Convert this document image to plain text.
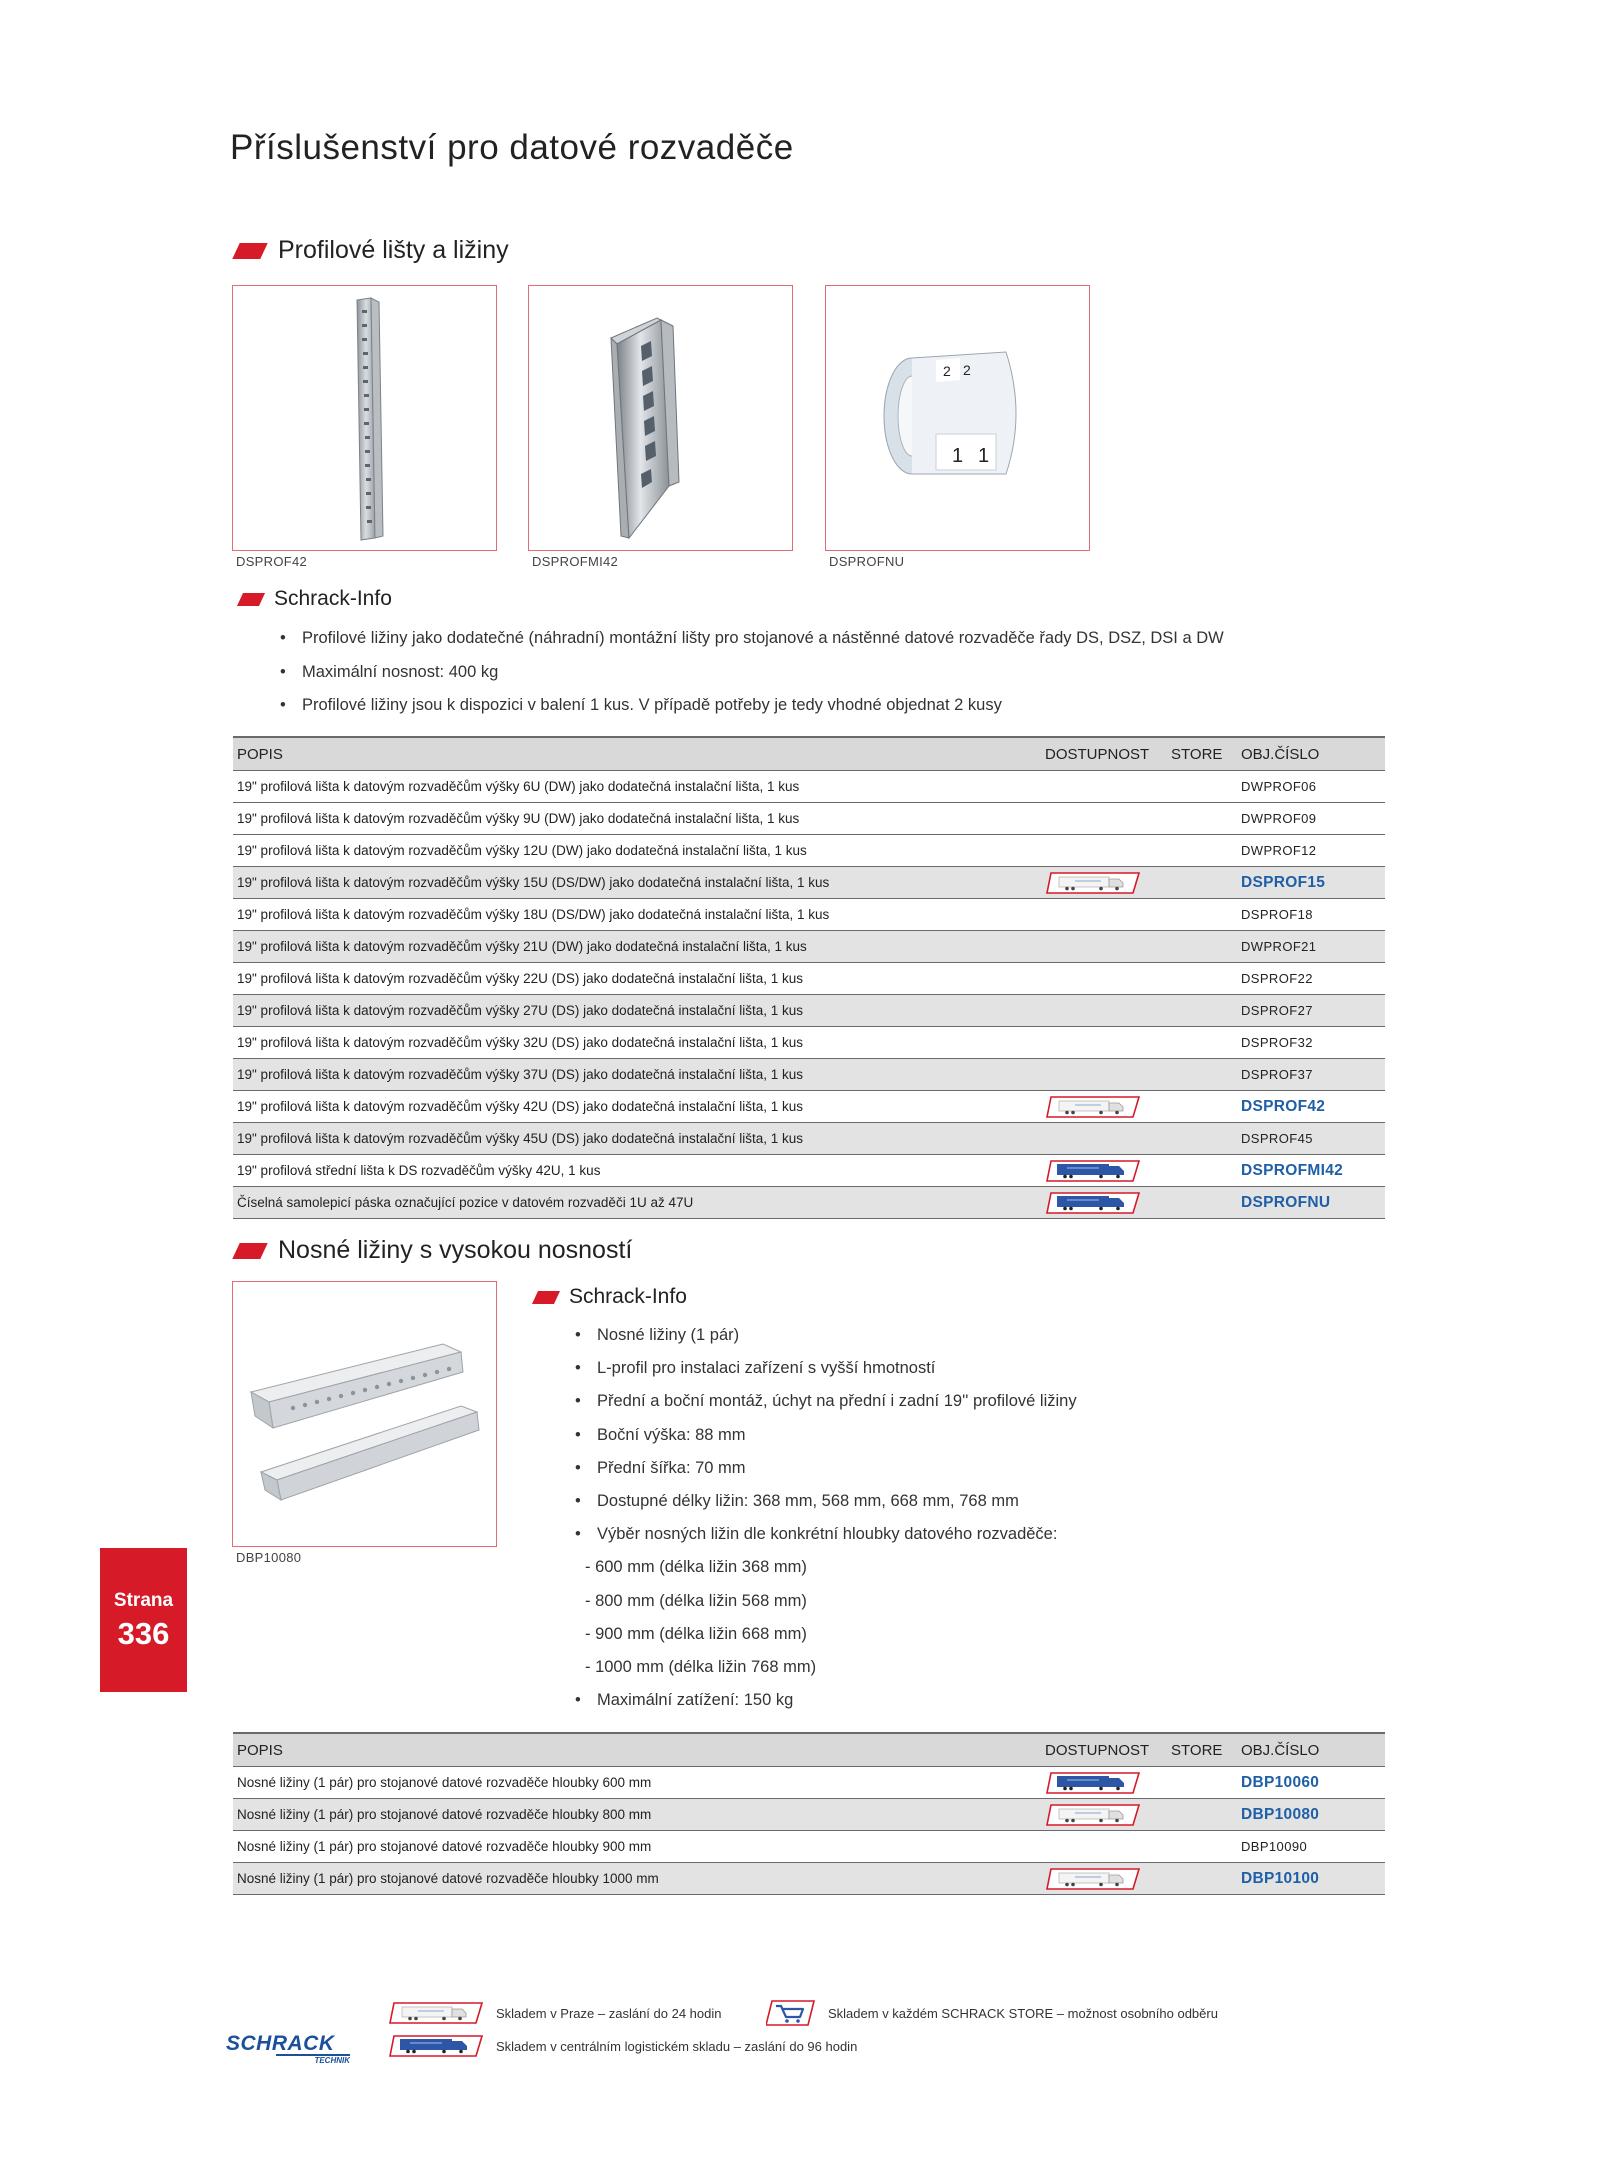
Příslušenství pro datové rozvaděče
Profilové lišty a ližiny
DSPROF42	DSPROFMI42
2 2
1 1
DSPROFNU
Schrack-Info
• Profilové ližiny jako dodatečné (náhradní) montážní lišty pro stojanové a nástěnné datové rozvaděče řady DS, DSZ, DSI a DW
• Maximální nosnost: 400 kg
• Profilové ližiny jsou k dispozici v balení 1 kus. V případě potřeby je tedy vhodné objednat 2 kusy
POPIS	DOSTUPNOST	STORE	OBJ.ČÍSLO
19" profilová lišta k datovým rozvaděčům výšky 6U (DW) jako dodatečná instalační lišta, 1 kus			DWPROF06
19" profilová lišta k datovým rozvaděčům výšky 9U (DW) jako dodatečná instalační lišta, 1 kus			DWPROF09
19" profilová lišta k datovým rozvaděčům výšky 12U (DW) jako dodatečná instalační lišta, 1 kus			DWPROF12
19" profilová lišta k datovým rozvaděčům výšky 15U (DS/DW) jako dodatečná instalační lišta, 1 kus			DSPROF15
19" profilová lišta k datovým rozvaděčům výšky 18U (DS/DW) jako dodatečná instalační lišta, 1 kus			DSPROF18
19" profilová lišta k datovým rozvaděčům výšky 21U (DW) jako dodatečná instalační lišta, 1 kus			DWPROF21
19" profilová lišta k datovým rozvaděčům výšky 22U (DS) jako dodatečná instalační lišta, 1 kus			DSPROF22
19" profilová lišta k datovým rozvaděčům výšky 27U (DS) jako dodatečná instalační lišta, 1 kus			DSPROF27
19" profilová lišta k datovým rozvaděčům výšky 32U (DS) jako dodatečná instalační lišta, 1 kus			DSPROF32
19" profilová lišta k datovým rozvaděčům výšky 37U (DS) jako dodatečná instalační lišta, 1 kus			DSPROF37
19" profilová lišta k datovým rozvaděčům výšky 42U (DS) jako dodatečná instalační lišta, 1 kus			DSPROF42
19" profilová lišta k datovým rozvaděčům výšky 45U (DS) jako dodatečná instalační lišta, 1 kus			DSPROF45
19" profilová střední lišta k DS rozvaděčům výšky 42U, 1 kus			DSPROFMI42
Číselná samolepicí páska označující pozice v datovém rozvaděči 1U až 47U			DSPROFNU
Nosné ližiny s vysokou nosností
DBP10080
Schrack-Info
• Nosné ližiny (1 pár)
• L-profil pro instalaci zařízení s vyšší hmotností
• Přední a boční montáž, úchyt na přední i zadní 19'' profilové ližiny
• Boční výška: 88 mm
• Přední šířka: 70 mm
• Dostupné délky ližin: 368 mm, 568 mm, 668 mm, 768 mm
• Výběr nosných ližin dle konkrétní hloubky datového rozvaděče:
- 600 mm (délka ližin 368 mm)
- 800 mm (délka ližin 568 mm)
- 900 mm (délka ližin 668 mm)
- 1000 mm (délka ližin 768 mm)
• Maximální zatížení: 150 kg
POPIS	DOSTUPNOST	STORE	OBJ.ČÍSLO
Nosné ližiny (1 pár) pro stojanové datové rozvaděče hloubky 600 mm			DBP10060
Nosné ližiny (1 pár) pro stojanové datové rozvaděče hloubky 800 mm			DBP10080
Nosné ližiny (1 pár) pro stojanové datové rozvaděče hloubky 900 mm			DBP10090
Nosné ližiny (1 pár) pro stojanové datové rozvaděče hloubky 1000 mm			DBP10100
Strana
336
SCHRACK
TECHNIK
Skladem v Praze – zaslání do 24 hodin	Skladem v každém SCHRACK STORE – možnost osobního odběru
Skladem v centrálním logistickém skladu – zaslání do 96 hodin
